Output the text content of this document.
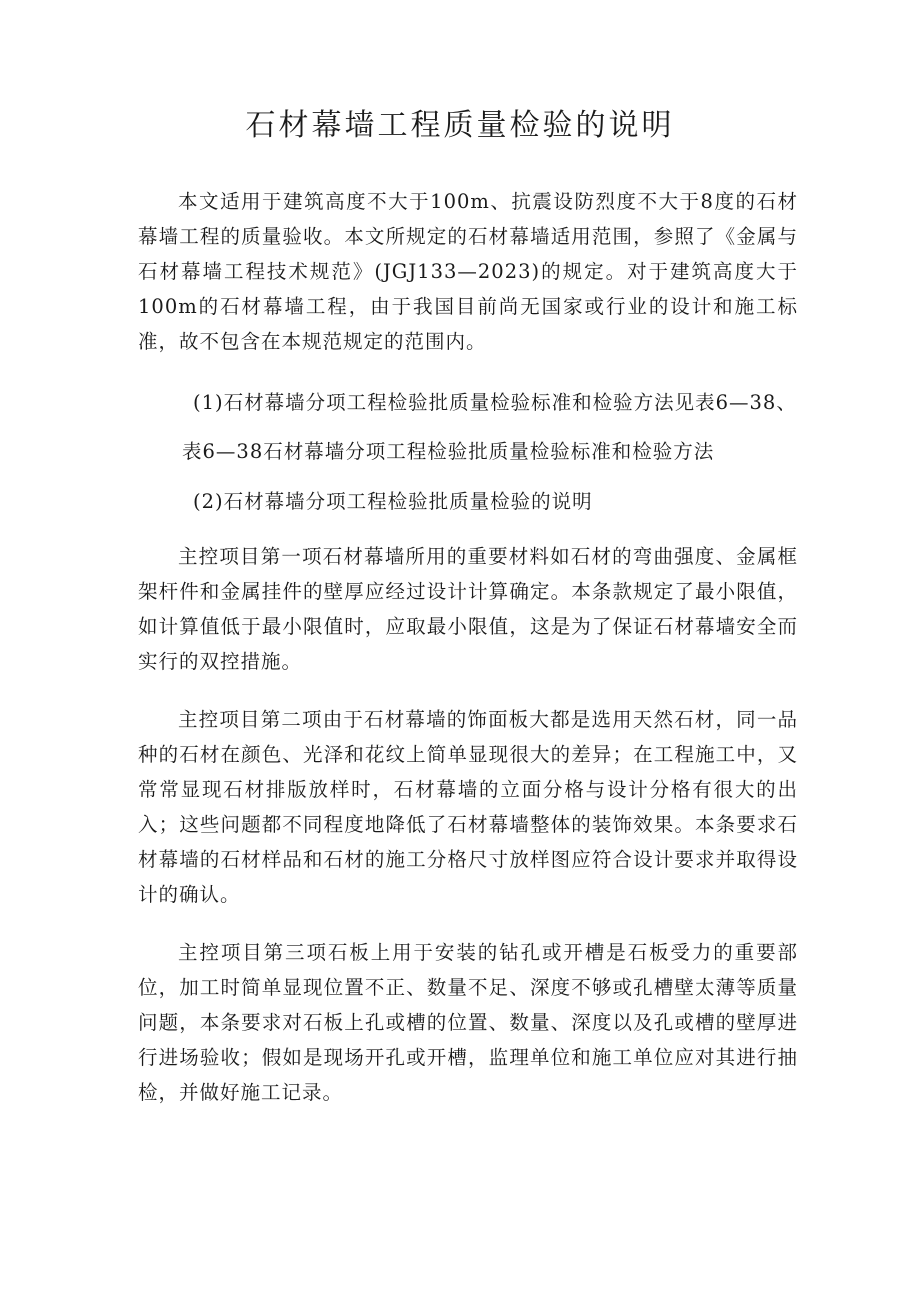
石材幕墙工程质量检验的说明

本文适用于建筑高度不大于100m、抗震设防烈度不大于8度的石材幕墙工程的质量验收。本文所规定的石材幕墙适用范围，参照了《金属与石材幕墙工程技术规范》(JGJ133—2023)的规定。对于建筑高度大于100m的石材幕墙工程，由于我国目前尚无国家或行业的设计和施工标准，故不包含在本规范规定的范围内。

(1)石材幕墙分项工程检验批质量检验标准和检验方法见表6—38、

表6—38石材幕墙分项工程检验批质量检验标准和检验方法

(2)石材幕墙分项工程检验批质量检验的说明

主控项目第一项石材幕墙所用的重要材料如石材的弯曲强度、金属框架杆件和金属挂件的壁厚应经过设计计算确定。本条款规定了最小限值，如计算值低于最小限值时，应取最小限值，这是为了保证石材幕墙安全而实行的双控措施。

主控项目第二项由于石材幕墙的饰面板大都是选用天然石材，同一品种的石材在颜色、光泽和花纹上简单显现很大的差异；在工程施工中，又常常显现石材排版放样时，石材幕墙的立面分格与设计分格有很大的出入；这些问题都不同程度地降低了石材幕墙整体的装饰效果。本条要求石材幕墙的石材样品和石材的施工分格尺寸放样图应符合设计要求并取得设计的确认。

主控项目第三项石板上用于安装的钻孔或开槽是石板受力的重要部位，加工时简单显现位置不正、数量不足、深度不够或孔槽壁太薄等质量问题，本条要求对石板上孔或槽的位置、数量、深度以及孔或槽的壁厚进行进场验收；假如是现场开孔或开槽，监理单位和施工单位应对其进行抽检，并做好施工记录。
